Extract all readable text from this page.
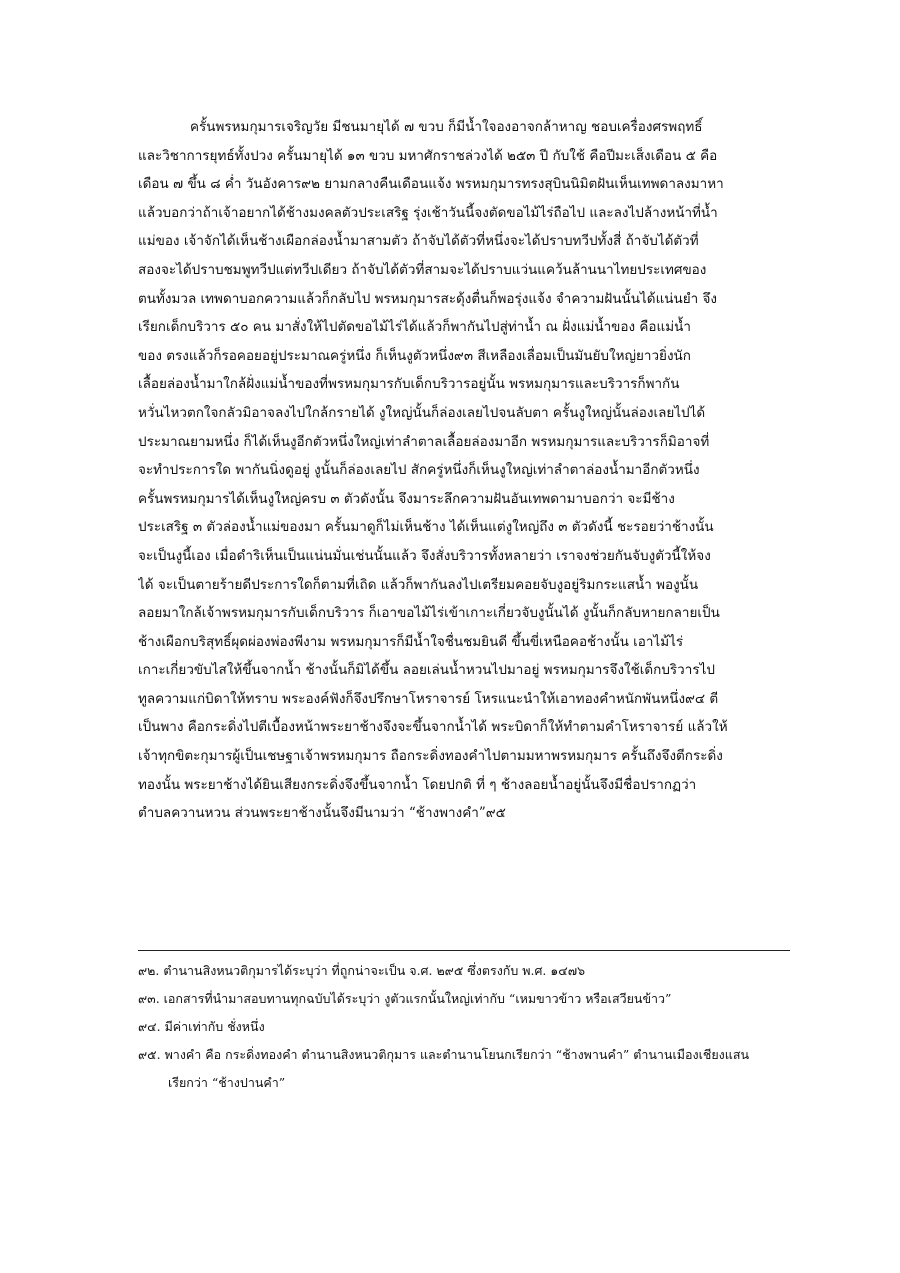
ครั้นพรหมกุมารเจริญวัย มีชนมายุได้ ๗ ขวบ ก็มีน้ำใจองอาจกล้าหาญ ชอบเครื่องศรพฤทธิ์
และวิชาการยุทธ์ทั้งปวง ครั้นมายุได้ ๑๓ ขวบ มหาศักราชล่วงได้ ๒๕๓ ปี กับใช้ คือปีมะเส็งเดือน ๕ คือ
เดือน ๗ ขึ้น ๘ ค่ำ วันอังคาร๙๒ ยามกลางคืนเดือนแจ้ง พรหมกุมารทรงสุบินนิมิตฝันเห็นเทพดาลงมาหา
แล้วบอกว่าถ้าเจ้าอยากได้ช้างมงคลตัวประเสริฐ รุ่งเช้าวันนี้จงตัดขอไม้ไร่ถือไป และลงไปล้างหน้าที่น้ำ
แม่ของ เจ้าจักได้เห็นช้างเผือกล่องน้ำมาสามตัว ถ้าจับได้ตัวที่หนึ่งจะได้ปราบทวีปทั้งสี่ ถ้าจับได้ตัวที่
สองจะได้ปราบชมพูทวีปแต่ทวีปเดียว ถ้าจับได้ตัวที่สามจะได้ปราบแว่นแคว้นล้านนาไทยประเทศของ
ตนทั้งมวล เทพดาบอกความแล้วก็กลับไป พรหมกุมารสะดุ้งตื่นก็พอรุ่งแจ้ง จำความฝันนั้นได้แน่นยำ จึง
เรียกเด็กบริวาร ๕๐ คน มาสั่งให้ไปตัดขอไม้ไร่ได้แล้วก็พากันไปสู่ท่าน้ำ ณ ฝั่งแม่น้ำของ คือแม่น้ำ
ของ ตรงแล้วก็รอคอยอยู่ประมาณครู่หนึ่ง ก็เห็นงูตัวหนึ่ง๙๓ สีเหลืองเลื่อมเป็นมันยับใหญ่ยาวยิ่งนัก
เลื้อยล่องน้ำมาใกล้ฝั่งแม่น้ำของที่พรหมกุมารกับเด็กบริวารอยู่นั้น พรหมกุมารและบริวารก็พากัน
หวั่นไหวตกใจกลัวมิอาจลงไปใกล้กรายได้ งูใหญ่นั้นก็ล่องเลยไปจนลับตา ครั้นงูใหญ่นั้นล่องเลยไปได้
ประมาณยามหนึ่ง ก็ได้เห็นงูอีกตัวหนึ่งใหญ่เท่าลำตาลเลื้อยล่องมาอีก พรหมกุมารและบริวารก็มิอาจที่
จะทำประการใด พากันนิ่งดูอยู่ งูนั้นก็ล่องเลยไป สักครู่หนึ่งก็เห็นงูใหญ่เท่าลำตาล่องน้ำมาอีกตัวหนึ่ง
ครั้นพรหมกุมารได้เห็นงูใหญ่ครบ ๓ ตัวดังนั้น จึงมาระลึกความฝันอันเทพดามาบอกว่า จะมีช้าง
ประเสริฐ ๓ ตัวล่องน้ำแม่ของมา ครั้นมาดูก็ไม่เห็นช้าง ได้เห็นแต่งูใหญ่ถึง ๓ ตัวดังนี้ ชะรอยว่าช้างนั้น
จะเป็นงูนี้เอง เมื่อดำริเห็นเป็นแน่นมั่นเช่นนั้นแล้ว จึงสั่งบริวารทั้งหลายว่า เราจงช่วยกันจับงูตัวนี้ให้จง
ได้ จะเป็นตายร้ายดีประการใดก็ตามที่เถิด แล้วก็พากันลงไปเตรียมคอยจับงูอยู่ริมกระแสน้ำ พองูนั้น
ลอยมาใกล้เจ้าพรหมกุมารกับเด็กบริวาร ก็เอาขอไม้ไร่เข้าเกาะเกี่ยวจับงูนั้นได้ งูนั้นก็กลับหายกลายเป็น
ช้างเผือกบริสุทธิ์ผุดผ่องพ่องพีงาม พรหมกุมารก็มีน้ำใจชื่นชมยินดี ขึ้นขี่เหนือคอช้างนั้น เอาไม้ไร่
เกาะเกี่ยวขับไสให้ขึ้นจากน้ำ ช้างนั้นก็มิได้ขึ้น ลอยเล่นน้ำหวนไปมาอยู่ พรหมกุมารจึงใช้เด็กบริวารไป
ทูลความแก่บิดาให้ทราบ พระองค์ฟังก็จึงปรึกษาโหราจารย์ โหรแนะนำให้เอาทองคำหนักพันหนึ่ง๙๔ ตี
เป็นพาง คือกระดิ่งไปตีเบื้องหน้าพระยาช้างจึงจะขึ้นจากน้ำได้ พระบิดาก็ให้ทำตามคำโหราจารย์ แล้วให้
เจ้าทุกขิตะกุมารผู้เป็นเชษฐาเจ้าพรหมกุมาร ถือกระดิ่งทองคำไปตามมหาพรหมกุมาร ครั้นถึงจึงตีกระดิ่ง
ทองนั้น พระยาช้างได้ยินเสียงกระดิ่งจึงขึ้นจากน้ำ โดยปกติ ที่ ๆ ช้างลอยน้ำอยู่นั้นจึงมีชื่อปรากฏว่า
ตำบลควานหวน ส่วนพระยาช้างนั้นจึงมีนามว่า “ช้างพางคำ”๙๕
๙๒. ตำนานสิงหนวติกุมารได้ระบุว่า ที่ถูกน่าจะเป็น จ.ศ. ๒๙๕ ซึ่งตรงกับ พ.ศ. ๑๔๗๖
๙๓. เอกสารที่นำมาสอบทานทุกฉบับได้ระบุว่า งูตัวแรกนั้นใหญ่เท่ากับ “เหมขาวข้าว หรือเสวียนข้าว”
๙๔. มีค่าเท่ากับ ชั่งหนึ่ง
๙๕. พางคำ คือ กระดิ่งทองคำ ตำนานสิงหนวติกุมาร และตำนานโยนกเรียกว่า “ช้างพานคำ” ตำนานเมืองเชียงแสน
เรียกว่า “ช้างปานคำ”
